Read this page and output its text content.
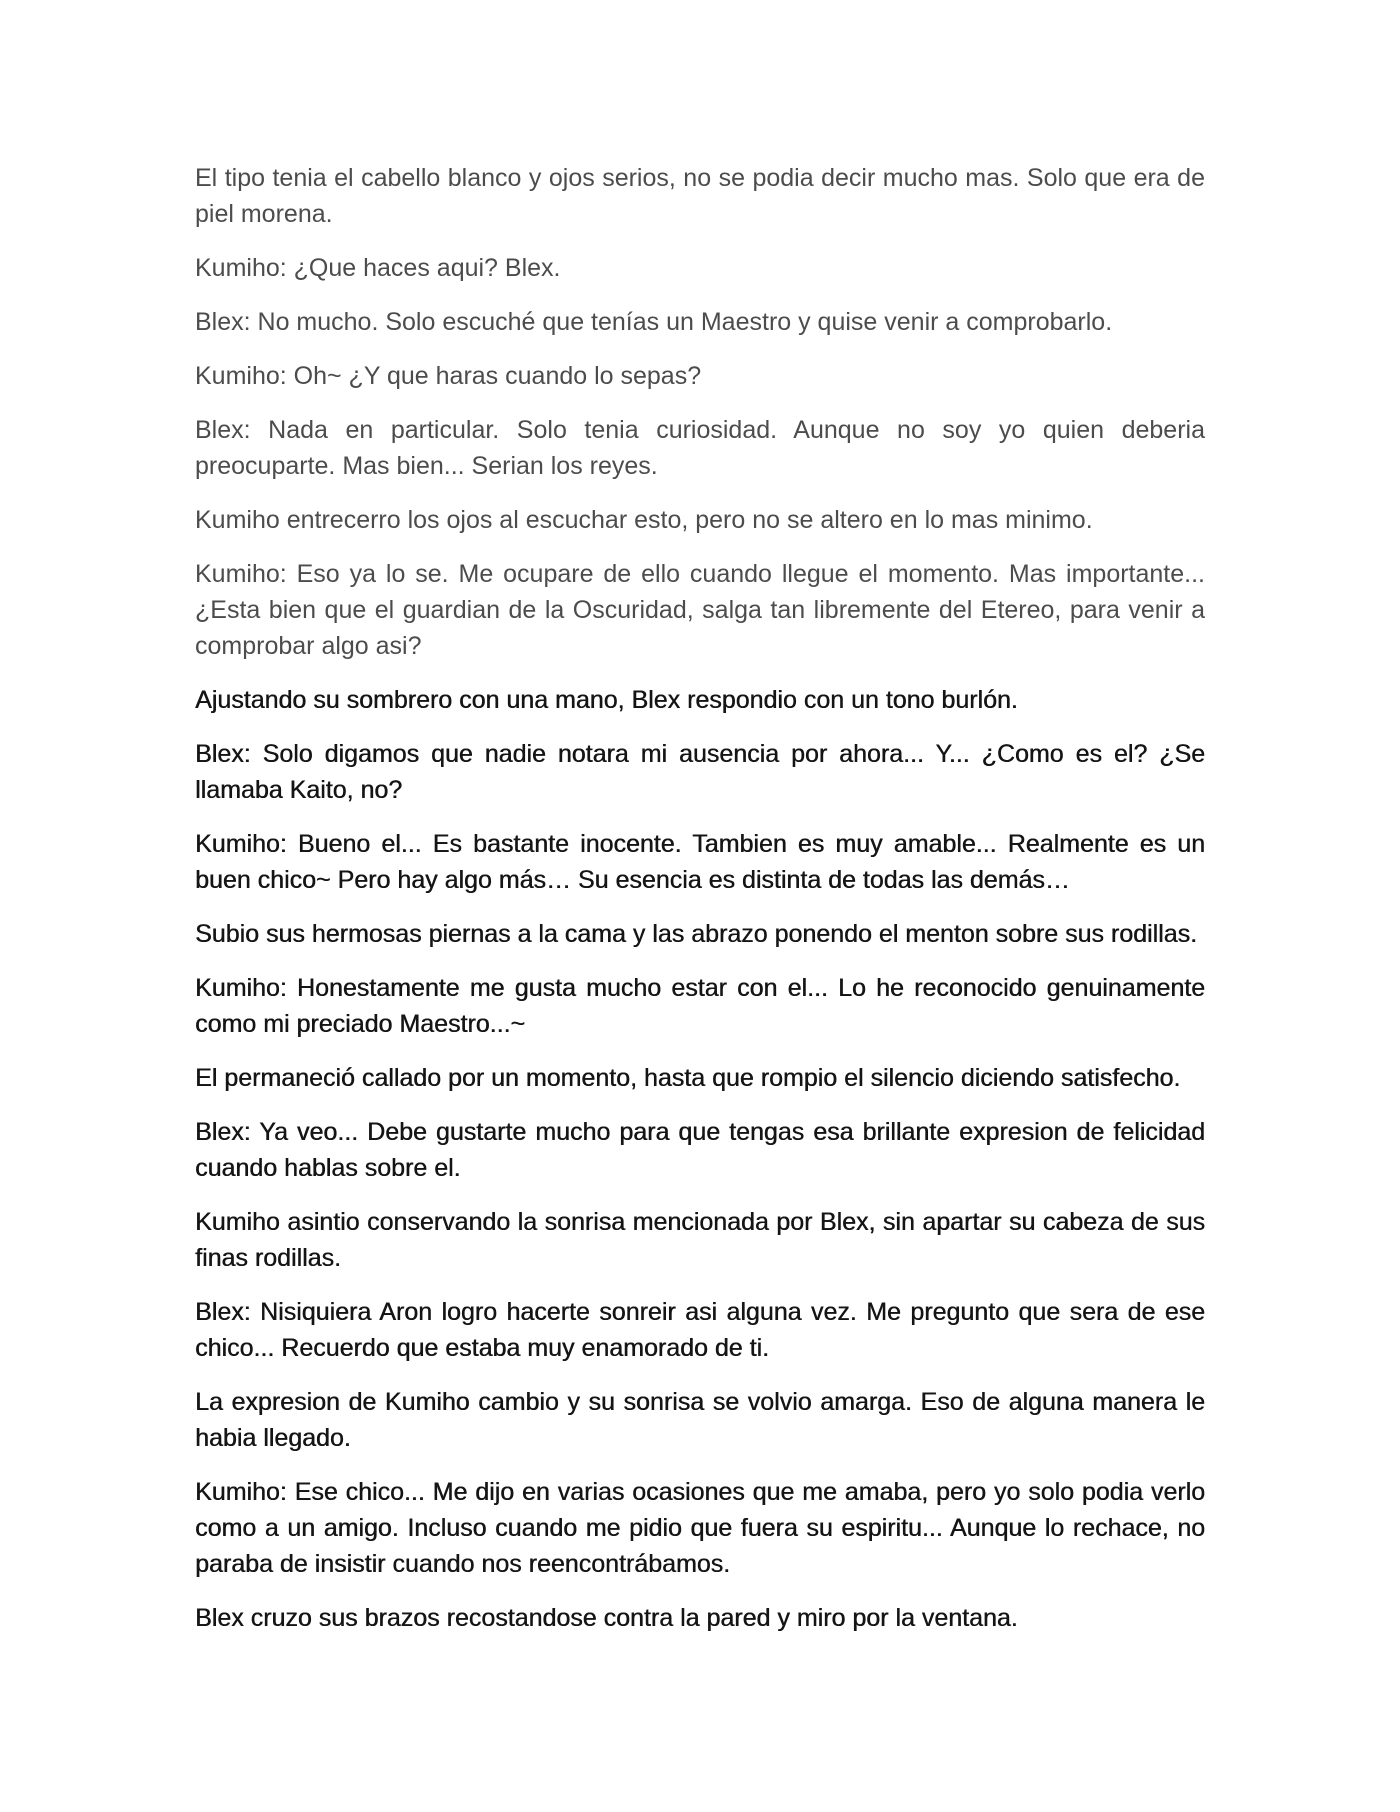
El tipo tenia el cabello blanco y ojos serios, no se podia decir mucho mas. Solo que era de piel morena.

Kumiho: ¿Que haces aqui? Blex.

Blex: No mucho. Solo escuché que tenías un Maestro y quise venir a comprobarlo.

Kumiho: Oh~ ¿Y que haras cuando lo sepas?

Blex: Nada en particular. Solo tenia curiosidad. Aunque no soy yo quien deberia preocuparte. Mas bien... Serian los reyes.

Kumiho entrecerro los ojos al escuchar esto, pero no se altero en lo mas minimo.

Kumiho: Eso ya lo se. Me ocupare de ello cuando llegue el momento. Mas importante... ¿Esta bien que el guardian de la Oscuridad, salga tan libremente del Etereo, para venir a comprobar algo asi?

Ajustando su sombrero con una mano, Blex respondio con un tono burlón.

Blex: Solo digamos que nadie notara mi ausencia por ahora... Y... ¿Como es el? ¿Se llamaba Kaito, no?

Kumiho: Bueno el... Es bastante inocente. Tambien es muy amable... Realmente es un buen chico~ Pero hay algo más… Su esencia es distinta de todas las demás…

Subio sus hermosas piernas a la cama y las abrazo ponendo el menton sobre sus rodillas.

Kumiho: Honestamente me gusta mucho estar con el... Lo he reconocido genuinamente como mi preciado Maestro...~

El permaneció callado por un momento, hasta que rompio el silencio diciendo satisfecho.

Blex: Ya veo... Debe gustarte mucho para que tengas esa brillante expresion de felicidad cuando hablas sobre el.

Kumiho asintio conservando la sonrisa mencionada por Blex, sin apartar su cabeza de sus finas rodillas.

Blex: Nisiquiera Aron logro hacerte sonreir asi alguna vez. Me pregunto que sera de ese chico... Recuerdo que estaba muy enamorado de ti.

La expresion de Kumiho cambio y su sonrisa se volvio amarga. Eso de alguna manera le habia llegado.

Kumiho: Ese chico... Me dijo en varias ocasiones que me amaba, pero yo solo podia verlo como a un amigo. Incluso cuando me pidio que fuera su espiritu... Aunque lo rechace, no paraba de insistir cuando nos reencontrábamos.

Blex cruzo sus brazos recostandose contra la pared y miro por la ventana.
